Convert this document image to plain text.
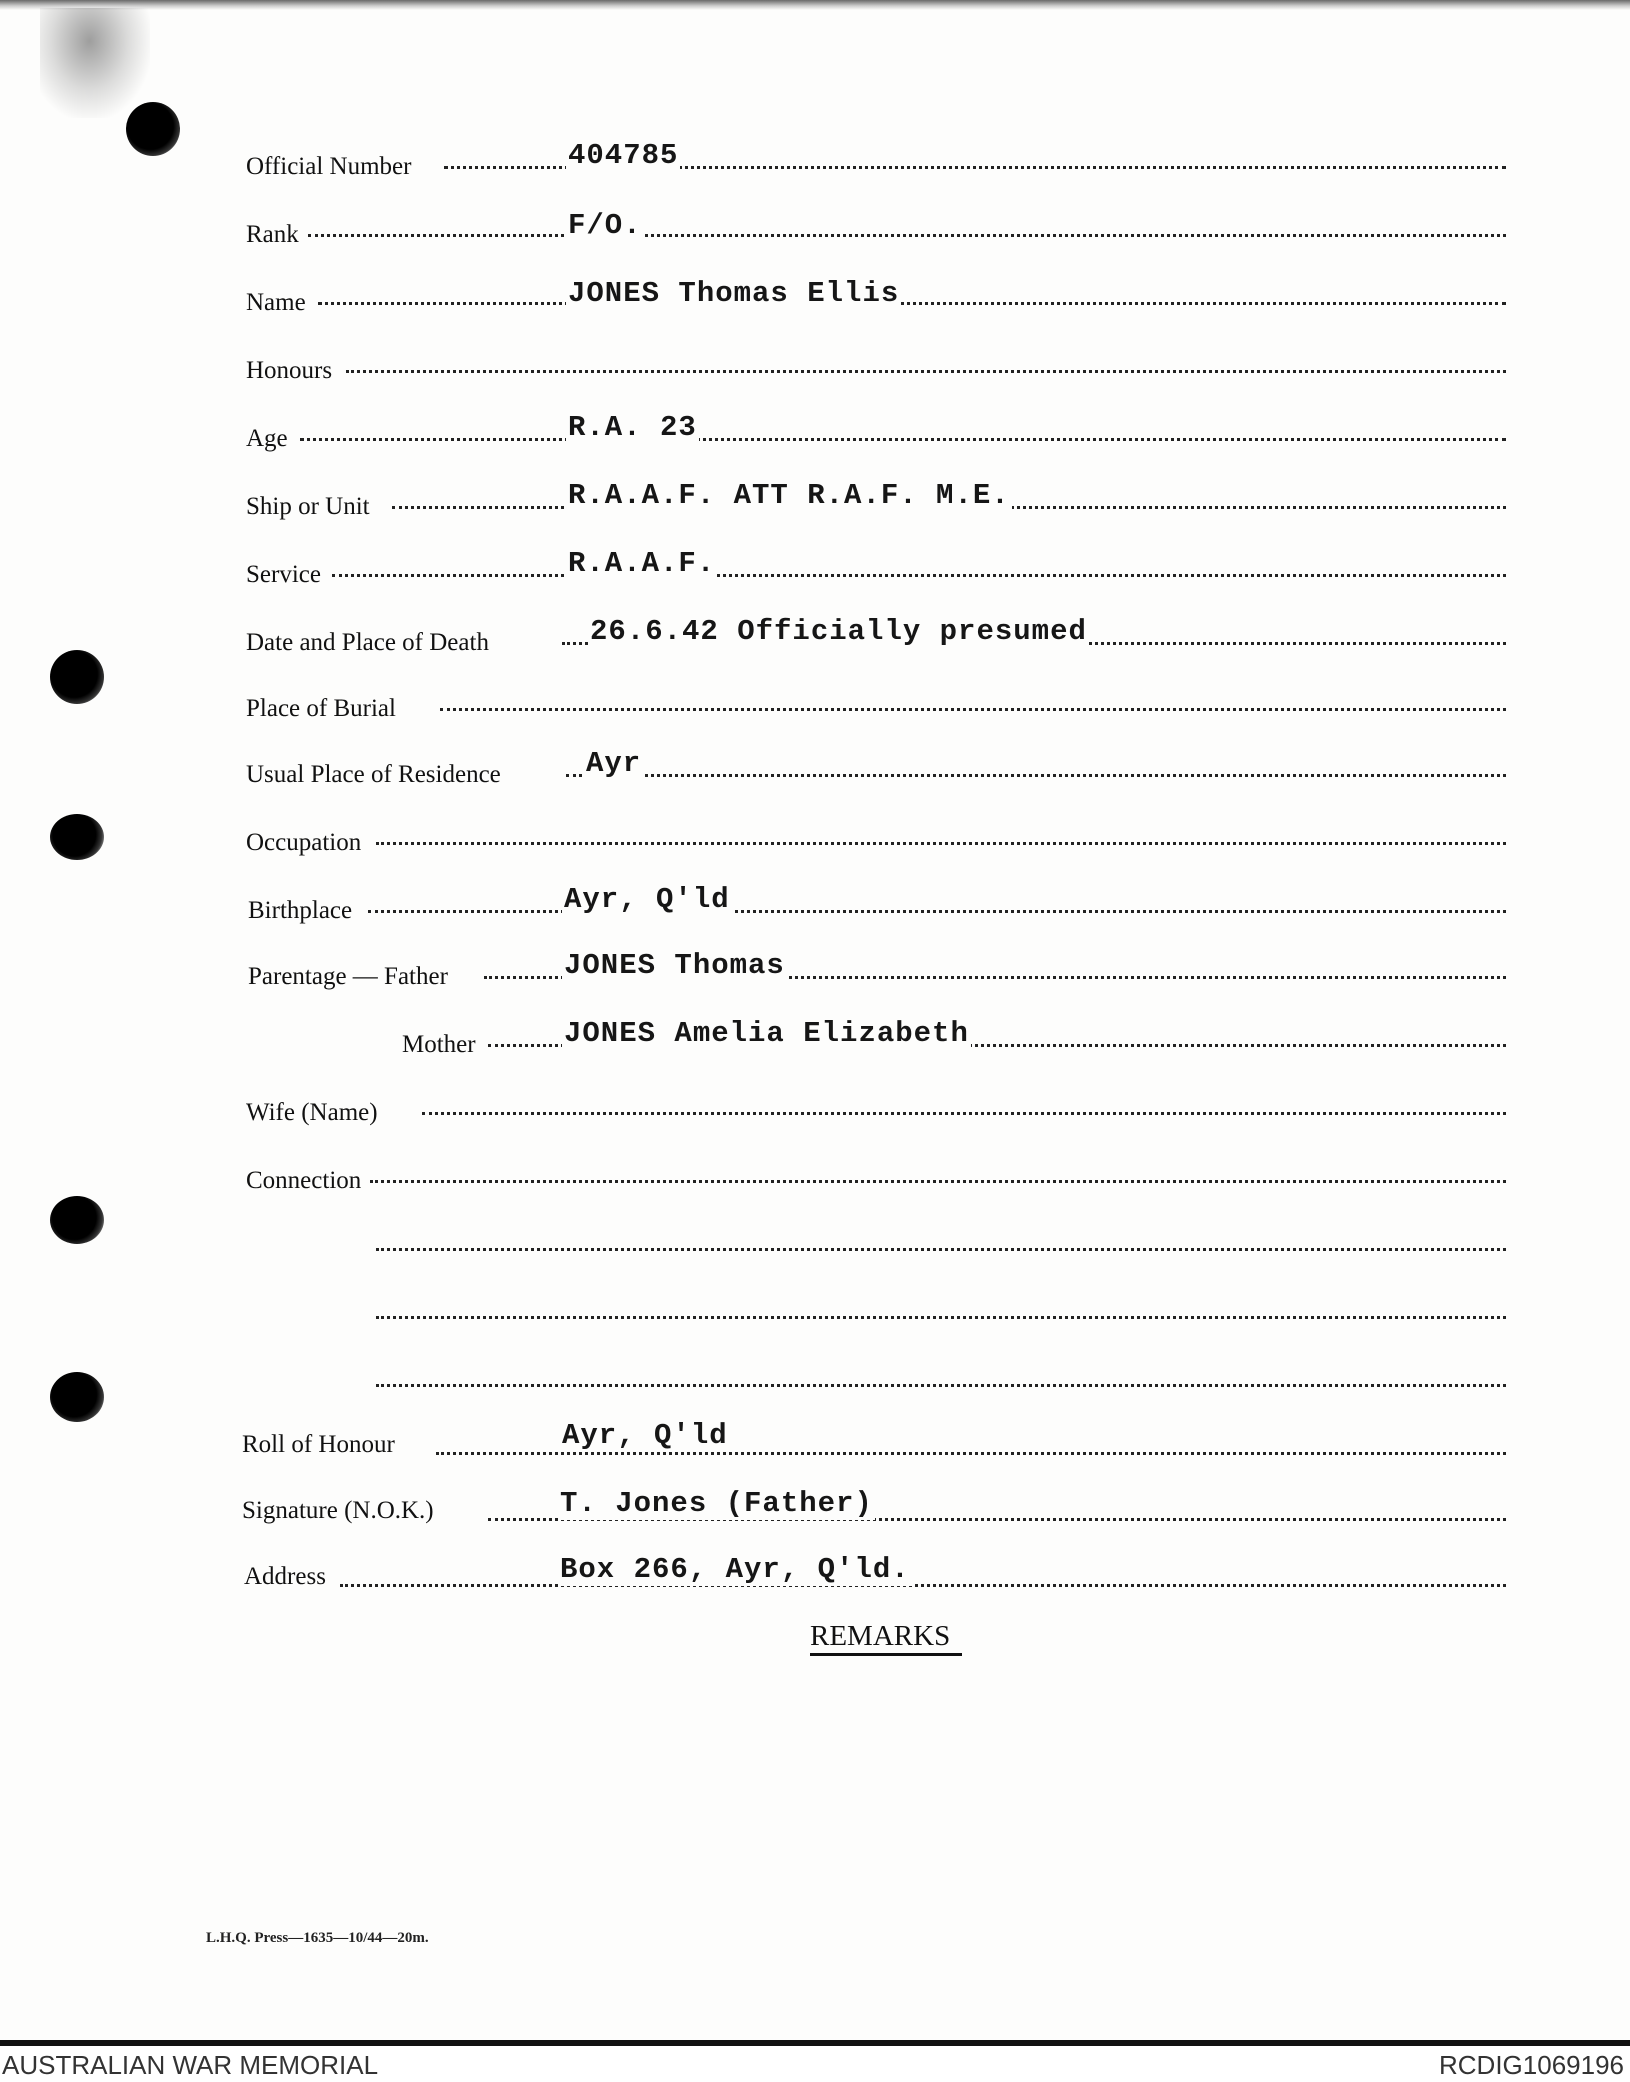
Official Number	404785
Rank	F/O.
Name	JONES Thomas Ellis
Honours
Age	R.A. 23
Ship or Unit	R.A.A.F. ATT R.A.F. M.E.
Service	R.A.A.F.
Date and Place of Death	26.6.42 Officially presumed
Place of Burial
Usual Place of Residence	Ayr
Occupation
Birthplace	Ayr, Q'ld
Parentage — Father	JONES Thomas
Mother	JONES Amelia Elizabeth
Wife (Name)
Connection
Roll of Honour	Ayr, Q'ld
Signature (N.O.K.)	T. Jones (Father)
Address	Box 266, Ayr, Q'ld.
REMARKS
L.H.Q. Press—1635—10/44—20m.
AUSTRALIAN WAR MEMORIAL	RCDIG1069196
